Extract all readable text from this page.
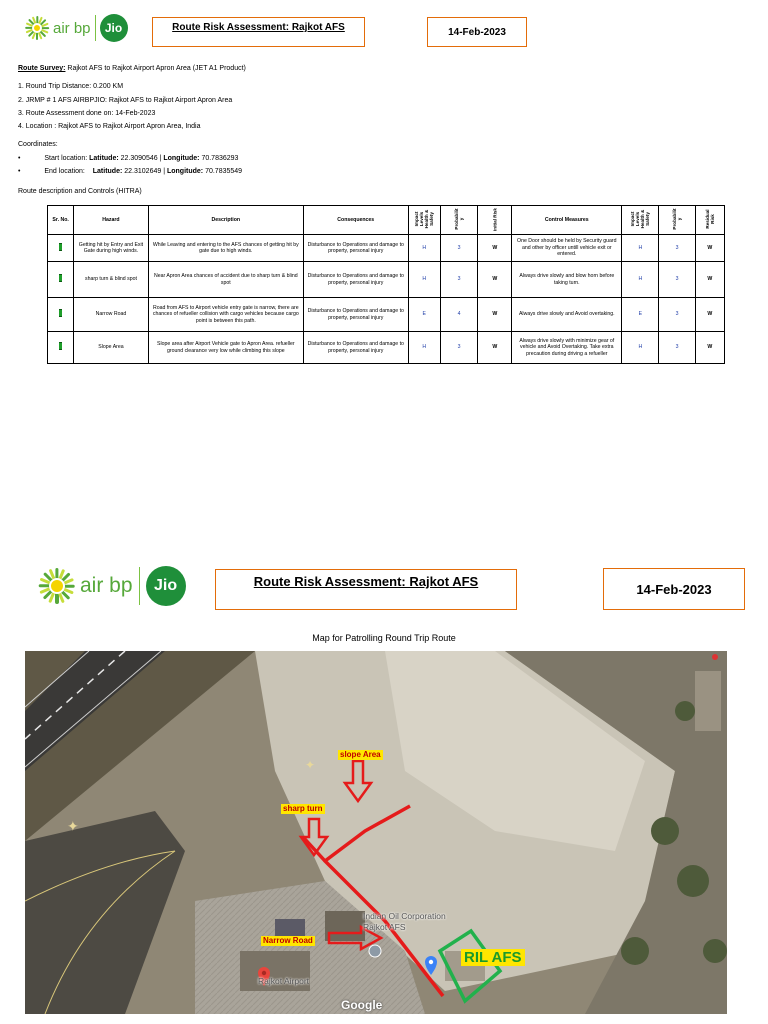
air bp	Jio	Route Risk Assessment: Rajkot AFS	14-Feb-2023
Route Survey: Rajkot AFS to Rajkot Airport Apron Area (JET A1 Product)
1. Round Trip Distance: 0.200 KM
2. JRMP # 1 AFS AIRBPJIO: Rajkot AFS to Rajkot Airport Apron Area
3. Route Assessment done on: 14-Feb-2023
4. Location : Rajkot AFS to Rajkot Airport Apron Area, India
Coordinates:
•	Start location: Latitude: 22.3090546 | Longitude: 70.7836293
•	End location: Latitude: 22.3102649 | Longitude: 70.7835549
Route description and Controls (HITRA)
Sr. No.	Hazard	Description	Consequences	Impact Levels Health & Safety	Probabilit y	Initial Risk	Control Measures	Impact Levels Health & Safety	Probabilit y	Residual Risk
	Getting hit by Entry and Exit Gate during high winds.	While Leaving and entering to the AFS chances of getting hit by gate due to high winds.	Disturbance to Operations and damage to property, personal injury	H	3	W	One Door should be held by Security guard and other by officer untill vehicle exit or entered.	H	3	W
	sharp turn & blind spot	Near Apron Area chances of accident due to sharp turn & blind spot	Disturbance to Operations and damage to property, personal injury	H	3	W	Always drive slowly and blow horn before taking turn.	H	3	W
	Narrow Road	Road from AFS to Airport vehicle entry gate is narrow, there are chances of refueller collision with cargo vehicles because cargo point is between this path.	Disturbance to Operations and damage to property, personal injury	E	4	W	Always drive slowly and Avoid overtaking.	E	3	W
	Slope Area	Slope area after Airport Vehicle gate to Apron Area. refueller ground clearance very low while climbing this slope	Disturbance to Operations and damage to property, personal injury	H	3	W	Always drive slowly with minimize gear of vehicle and Avoid Overtaking. Take extra precaution during driving a refueller	H	3	W
air bp	Jio	Route Risk Assessment: Rajkot AFS	14-Feb-2023
Map for Patrolling Round Trip Route
✦
✦
slope Area
sharp turn
Narrow Road
RIL AFS
Indian Oil Corporation
Rajkot AFS
Rajkot Airport
Google
